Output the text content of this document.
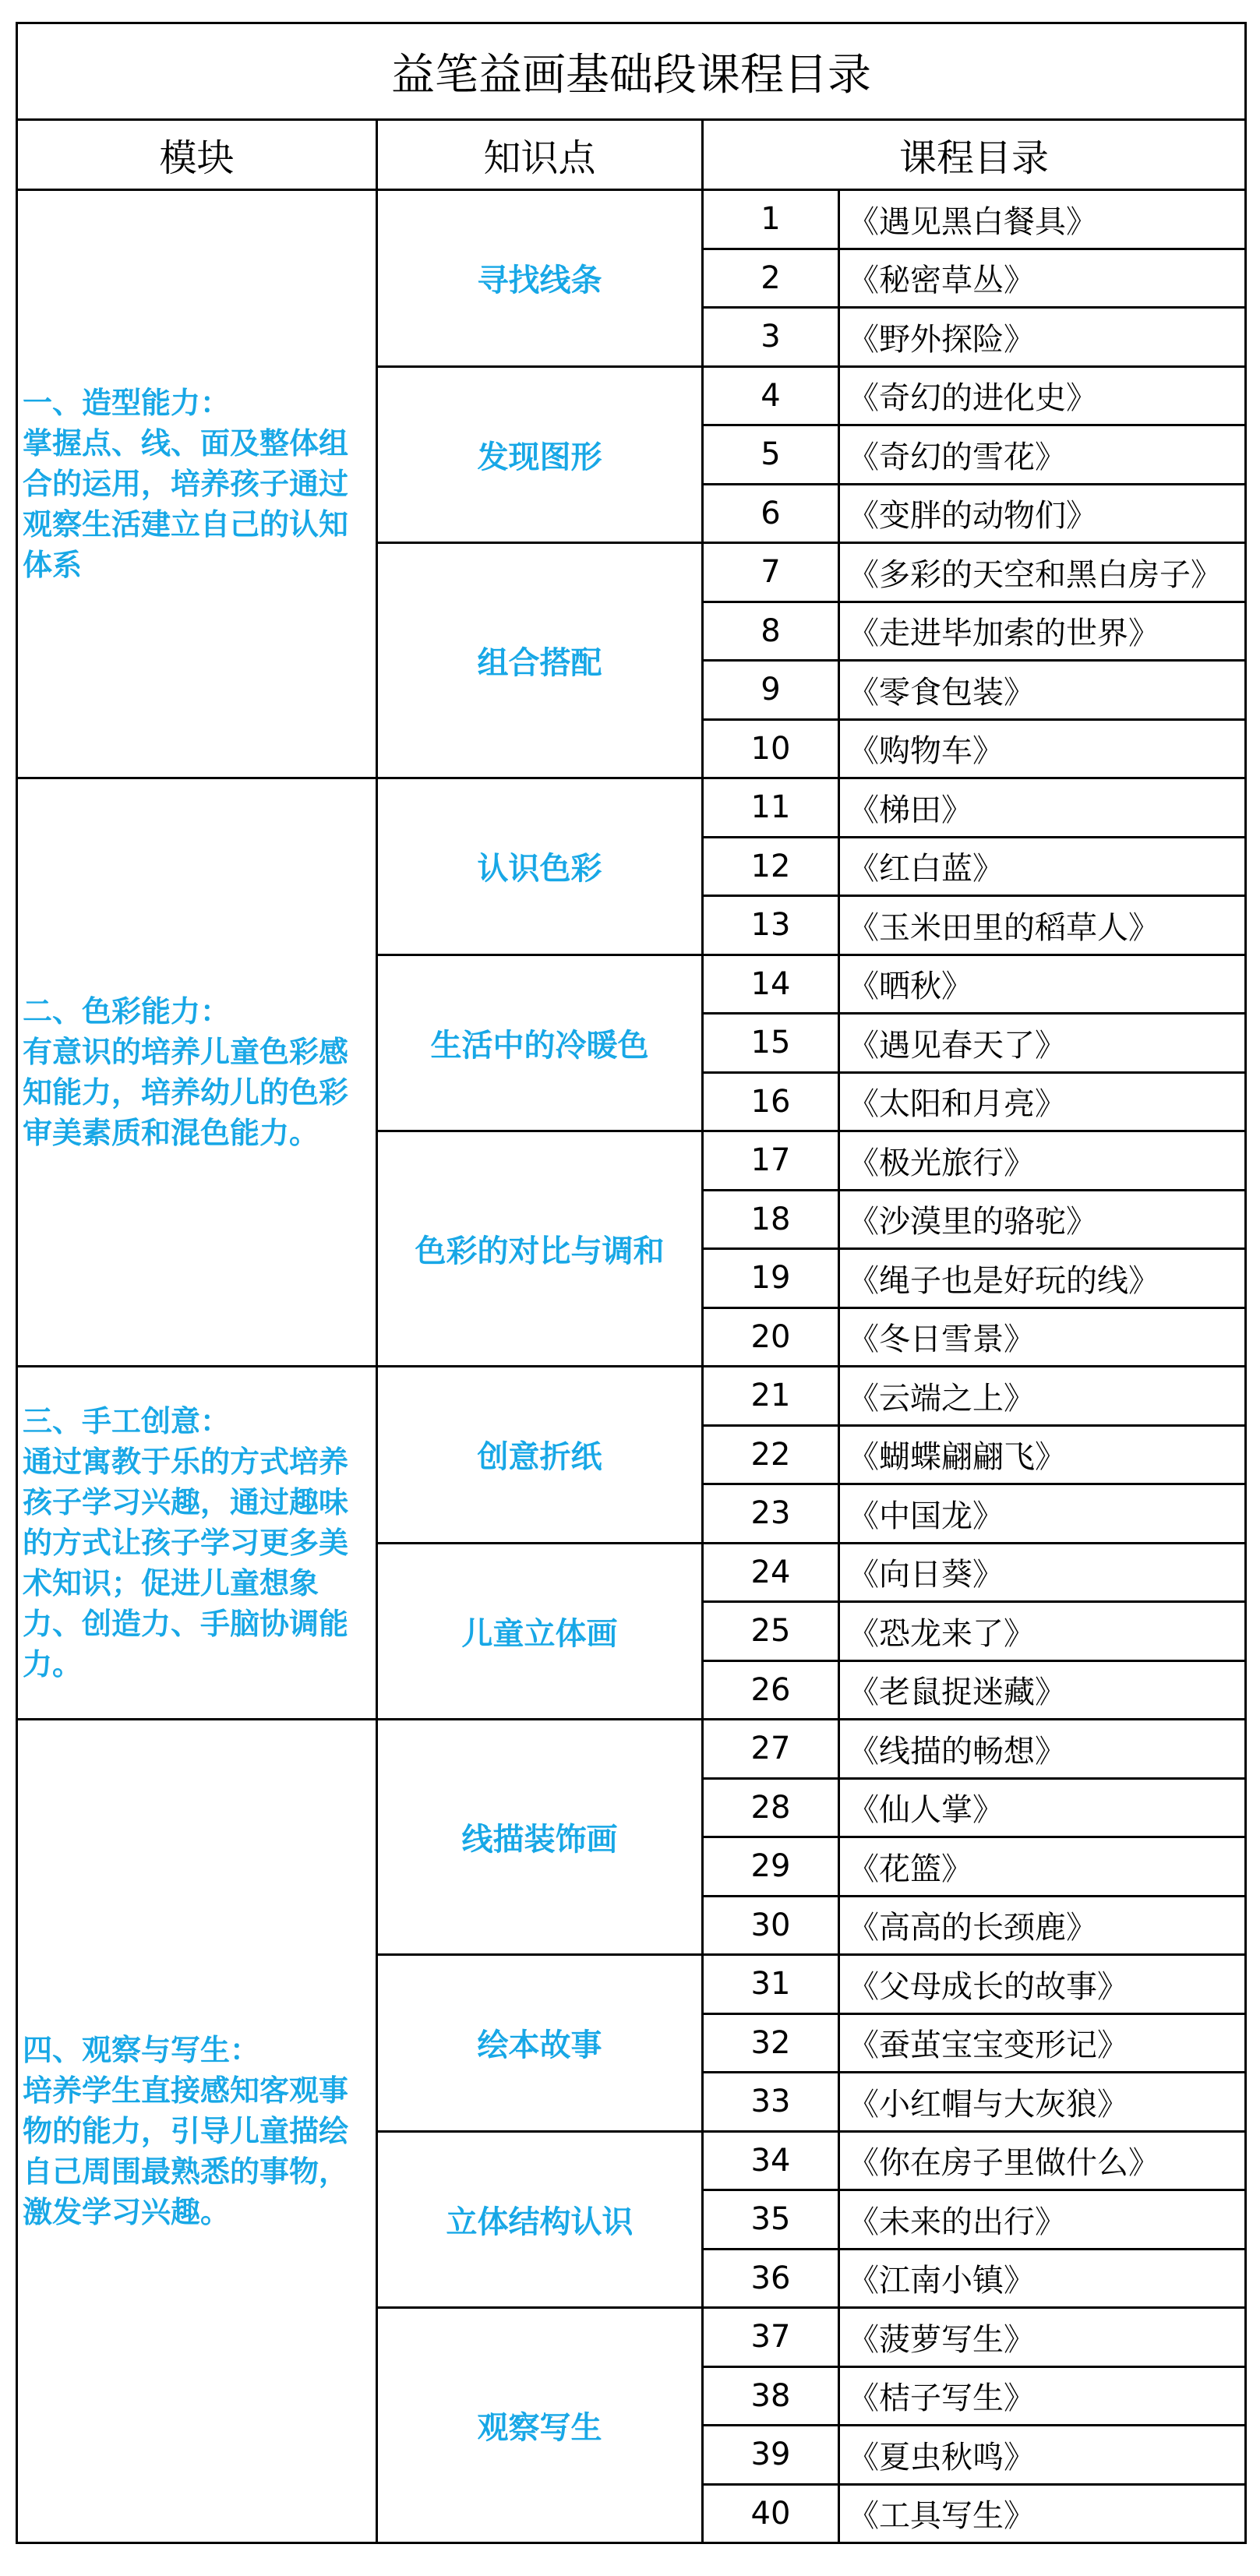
益笔益画基础段课程目录			
模块	知识点	课程目录	

一、造型能力：
掌握点、线、面及整体组合的运用，培养孩子通过观察生活建立自己的认知体系	寻找线条	1	《遇见黑白餐具》
		2	《秘密草丛》
		3	《野外探险》
	发现图形	4	《奇幻的进化史》
		5	《奇幻的雪花》
		6	《变胖的动物们》
	组合搭配	7	《多彩的天空和黑白房子》
		8	《走进毕加索的世界》
		9	《零食包装》
		10	《购物车》

二、色彩能力：
有意识的培养儿童色彩感知能力，培养幼儿的色彩审美素质和混色能力。	认识色彩	11	《梯田》
		12	《红白蓝》
		13	《玉米田里的稻草人》
	生活中的冷暖色	14	《晒秋》
		15	《遇见春天了》
		16	《太阳和月亮》
	色彩的对比与调和	17	《极光旅行》
		18	《沙漠里的骆驼》
		19	《绳子也是好玩的线》
		20	《冬日雪景》

三、手工创意：
通过寓教于乐的方式培养孩子学习兴趣，通过趣味的方式让孩子学习更多美术知识；促进儿童想象力、创造力、手脑协调能力。	创意折纸	21	《云端之上》
		22	《蝴蝶翩翩飞》
		23	《中国龙》
	儿童立体画	24	《向日葵》
		25	《恐龙来了》
		26	《老鼠捉迷藏》

四、观察与写生：
培养学生直接感知客观事物的能力，引导儿童描绘自己周围最熟悉的事物，激发学习兴趣。	线描装饰画	27	《线描的畅想》
		28	《仙人掌》
		29	《花篮》
		30	《高高的长颈鹿》
	绘本故事	31	《父母成长的故事》
		32	《蚕茧宝宝变形记》
		33	《小红帽与大灰狼》
	立体结构认识	34	《你在房子里做什么》
		35	《未来的出行》
		36	《江南小镇》
	观察写生	37	《菠萝写生》
		38	《桔子写生》
		39	《夏虫秋鸣》
		40	《工具写生》
